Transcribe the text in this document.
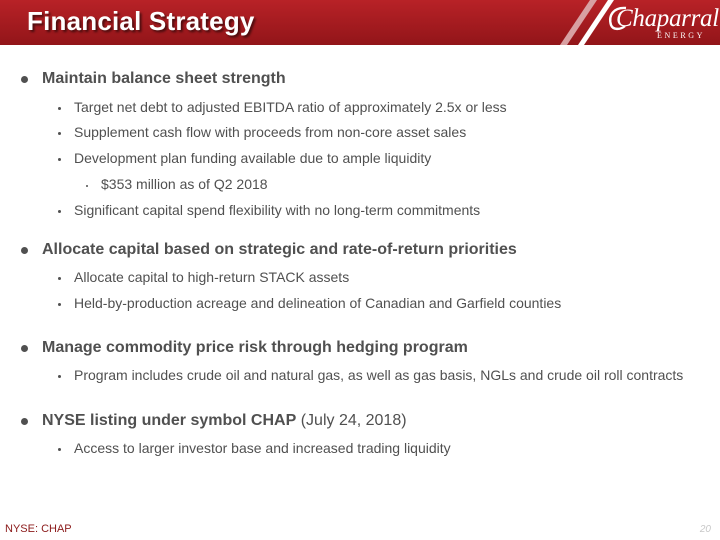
Financial Strategy	Chaparral
ENERGY
Maintain balance sheet strength
Target net debt to adjusted EBITDA ratio of approximately 2.5x or less
Supplement cash flow with proceeds from non-core asset sales
Development plan funding available due to ample liquidity
$353 million as of Q2 2018
Significant capital spend flexibility with no long-term commitments
Allocate capital based on strategic and rate-of-return priorities
Allocate capital to high-return STACK assets
Held-by-production acreage and delineation of Canadian and Garfield counties
Manage commodity price risk through hedging program
Program includes crude oil and natural gas, as well as gas basis, NGLs and crude oil roll contracts
NYSE listing under symbol CHAP (July 24, 2018)
Access to larger investor base and increased trading liquidity
NYSE: CHAP	20
